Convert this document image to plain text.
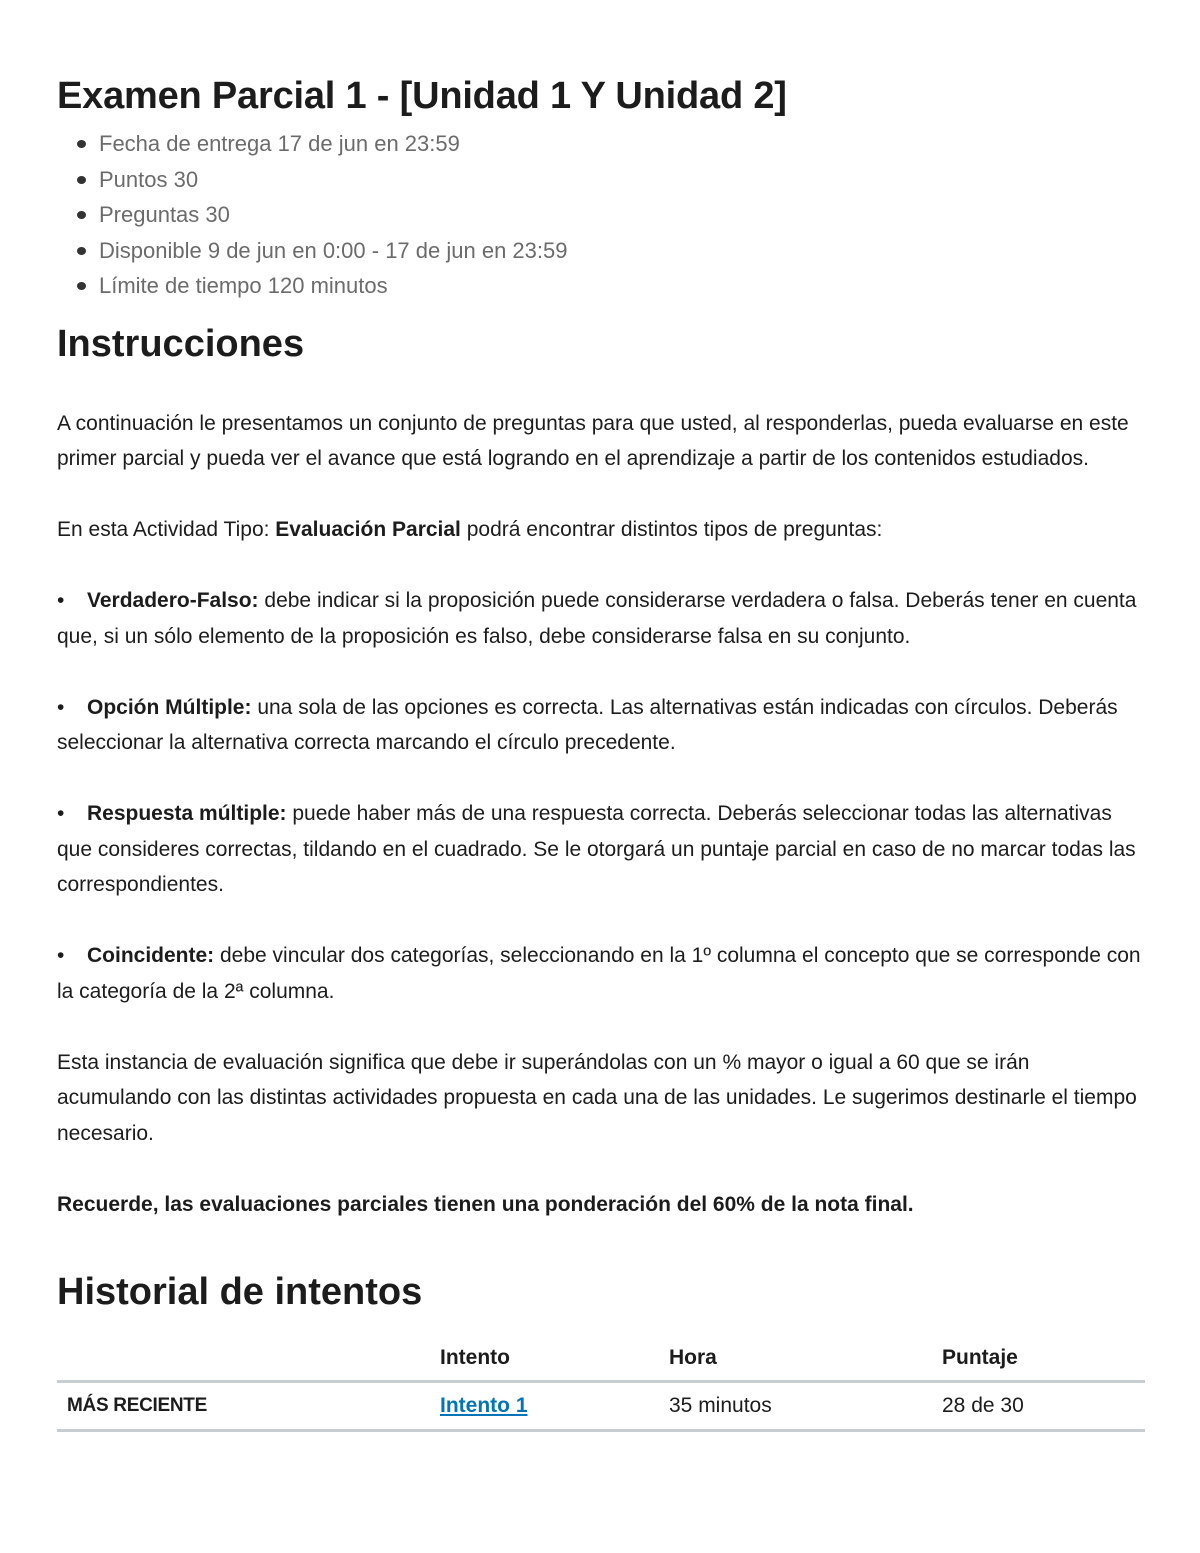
Examen Parcial 1 - [Unidad 1 Y Unidad 2]
Fecha de entrega 17 de jun en 23:59
Puntos 30
Preguntas 30
Disponible 9 de jun en 0:00 - 17 de jun en 23:59
Límite de tiempo 120 minutos
Instrucciones

A continuación le presentamos un conjunto de preguntas para que usted, al responderlas, pueda evaluarse en este primer parcial y pueda ver el avance que está logrando en el aprendizaje a partir de los contenidos estudiados.

En esta Actividad Tipo: Evaluación Parcial podrá encontrar distintos tipos de preguntas:

• Verdadero-Falso: debe indicar si la proposición puede considerarse verdadera o falsa. Deberás tener en cuenta que, si un sólo elemento de la proposición es falso, debe considerarse falsa en su conjunto.

• Opción Múltiple: una sola de las opciones es correcta. Las alternativas están indicadas con círculos. Deberás seleccionar la alternativa correcta marcando el círculo precedente.

• Respuesta múltiple: puede haber más de una respuesta correcta. Deberás seleccionar todas las alternativas que consideres correctas, tildando en el cuadrado. Se le otorgará un puntaje parcial en caso de no marcar todas las correspondientes.

• Coincidente: debe vincular dos categorías, seleccionando en la 1º columna el concepto que se corresponde con la categoría de la 2ª columna.

Esta instancia de evaluación significa que debe ir superándolas con un % mayor o igual a 60 que se irán acumulando con las distintas actividades propuesta en cada una de las unidades. Le sugerimos destinarle el tiempo necesario.

Recuerde, las evaluaciones parciales tienen una ponderación del 60% de la nota final.

Historial de intentos
	Intento	Hora	Puntaje
MÁS RECIENTE	Intento 1	35 minutos	28 de 30
